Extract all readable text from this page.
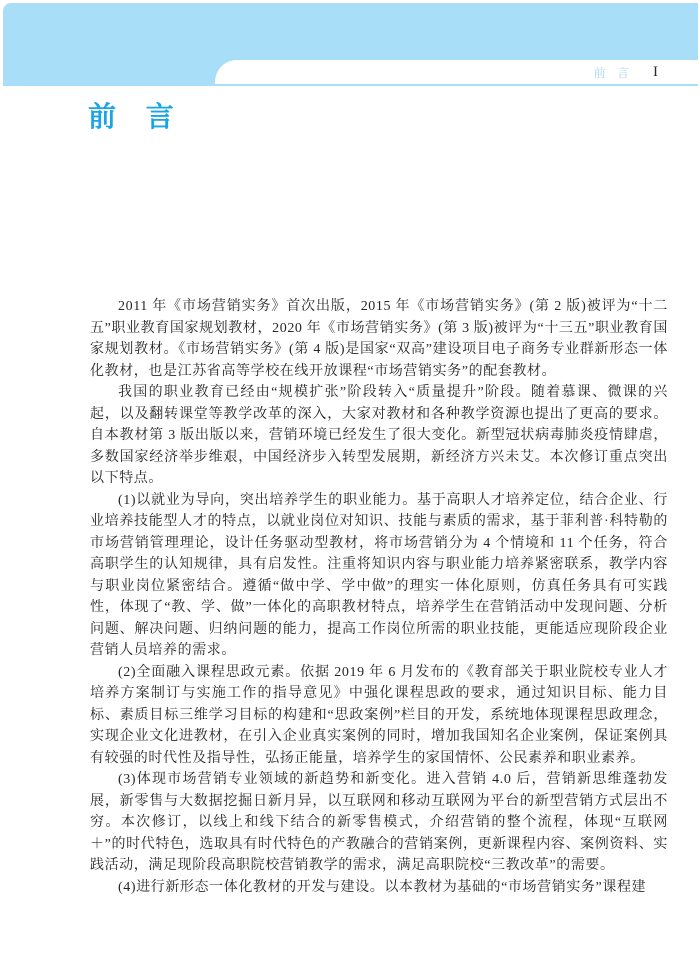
前 言 I
前 言

2011 年《市场营销实务》首次出版，2015 年《市场营销实务》(第 2 版)被评为“十二五”职业教育国家规划教材，2020 年《市场营销实务》(第 3 版)被评为“十三五”职业教育国家规划教材。《市场营销实务》(第 4 版)是国家“双高”建设项目电子商务专业群新形态一体化教材，也是江苏省高等学校在线开放课程“市场营销实务”的配套教材。

我国的职业教育已经由“规模扩张”阶段转入“质量提升”阶段。随着慕课、微课的兴起，以及翻转课堂等教学改革的深入，大家对教材和各种教学资源也提出了更高的要求。自本教材第 3 版出版以来，营销环境已经发生了很大变化。新型冠状病毒肺炎疫情肆虐，多数国家经济举步维艰，中国经济步入转型发展期，新经济方兴未艾。本次修订重点突出以下特点。

(1)以就业为导向，突出培养学生的职业能力。基于高职人才培养定位，结合企业、行业培养技能型人才的特点，以就业岗位对知识、技能与素质的需求，基于菲利普·科特勒的市场营销管理理论，设计任务驱动型教材，将市场营销分为 4 个情境和 11 个任务，符合高职学生的认知规律，具有启发性。注重将知识内容与职业能力培养紧密联系，教学内容与职业岗位紧密结合。遵循“做中学、学中做”的理实一体化原则，仿真任务具有可实践性，体现了“教、学、做”一体化的高职教材特点，培养学生在营销活动中发现问题、分析问题、解决问题、归纳问题的能力，提高工作岗位所需的职业技能，更能适应现阶段企业营销人员培养的需求。

(2)全面融入课程思政元素。依据 2019 年 6 月发布的《教育部关于职业院校专业人才培养方案制订与实施工作的指导意见》中强化课程思政的要求，通过知识目标、能力目标、素质目标三维学习目标的构建和“思政案例”栏目的开发，系统地体现课程思政理念，实现企业文化进教材，在引入企业真实案例的同时，增加我国知名企业案例，保证案例具有较强的时代性及指导性，弘扬正能量，培养学生的家国情怀、公民素养和职业素养。

(3)体现市场营销专业领域的新趋势和新变化。进入营销 4.0 后，营销新思维蓬勃发展，新零售与大数据挖掘日新月异，以互联网和移动互联网为平台的新型营销方式层出不穷。本次修订，以线上和线下结合的新零售模式，介绍营销的整个流程，体现“互联网＋”的时代特色，选取具有时代特色的产教融合的营销案例，更新课程内容、案例资料、实践活动，满足现阶段高职院校营销教学的需求，满足高职院校“三教改革”的需要。

(4)进行新形态一体化教材的开发与建设。以本教材为基础的“市场营销实务”课程建
